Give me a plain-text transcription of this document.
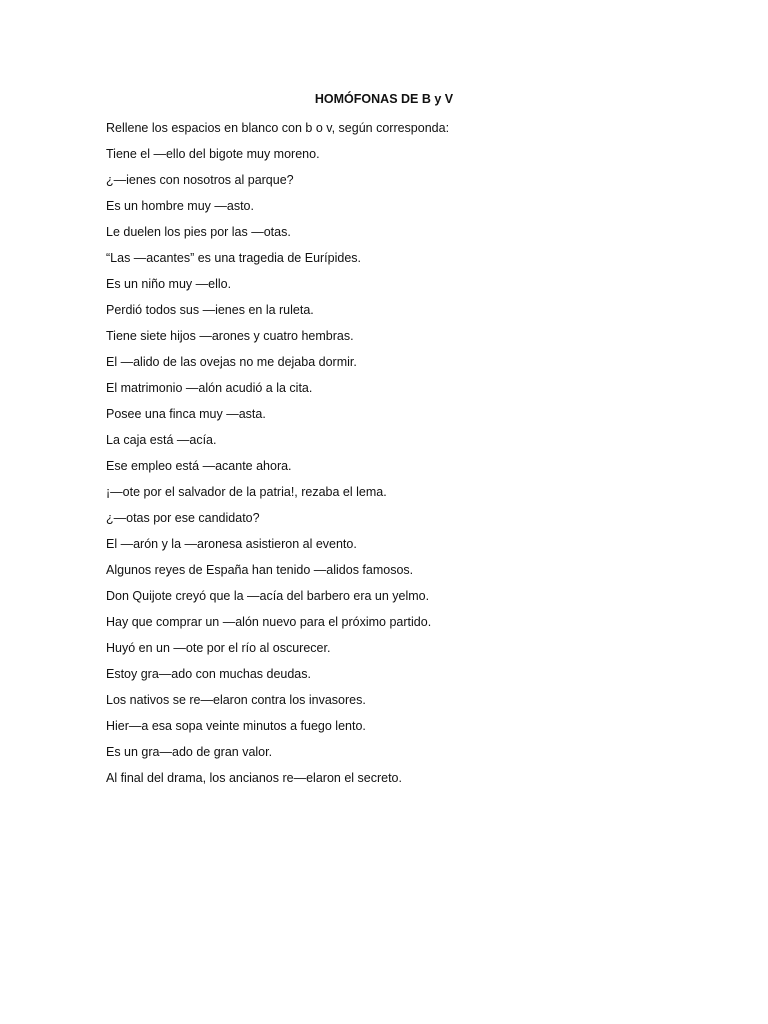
HOMÓFONAS DE B y V
Rellene los espacios en blanco con b o v, según corresponda:
Tiene el —ello del bigote muy moreno.
¿—ienes con nosotros al parque?
Es un hombre muy —asto.
Le duelen los pies por las —otas.
“Las —acantes” es una tragedia de Eurípides.
Es un niño muy —ello.
Perdió todos sus —ienes en la ruleta.
Tiene siete hijos —arones y cuatro hembras.
El —alido de las ovejas no me dejaba dormir.
El matrimonio —alón acudió a la cita.
Posee una finca muy —asta.
La caja está —acía.
Ese empleo está —acante ahora.
¡—ote por el salvador de la patria!, rezaba el lema.
¿—otas por ese candidato?
El —arón y la —aronesa asistieron al evento.
Algunos reyes de España han tenido —alidos famosos.
Don Quijote creyó que la —acía del barbero era un yelmo.
Hay que comprar un —alón nuevo para el próximo partido.
Huyó en un —ote por el río al oscurecer.
Estoy gra—ado con muchas deudas.
Los nativos se re—elaron contra los invasores.
Hier—a esa sopa veinte minutos a fuego lento.
Es un gra—ado de gran valor.
Al final del drama, los ancianos re—elaron el secreto.
